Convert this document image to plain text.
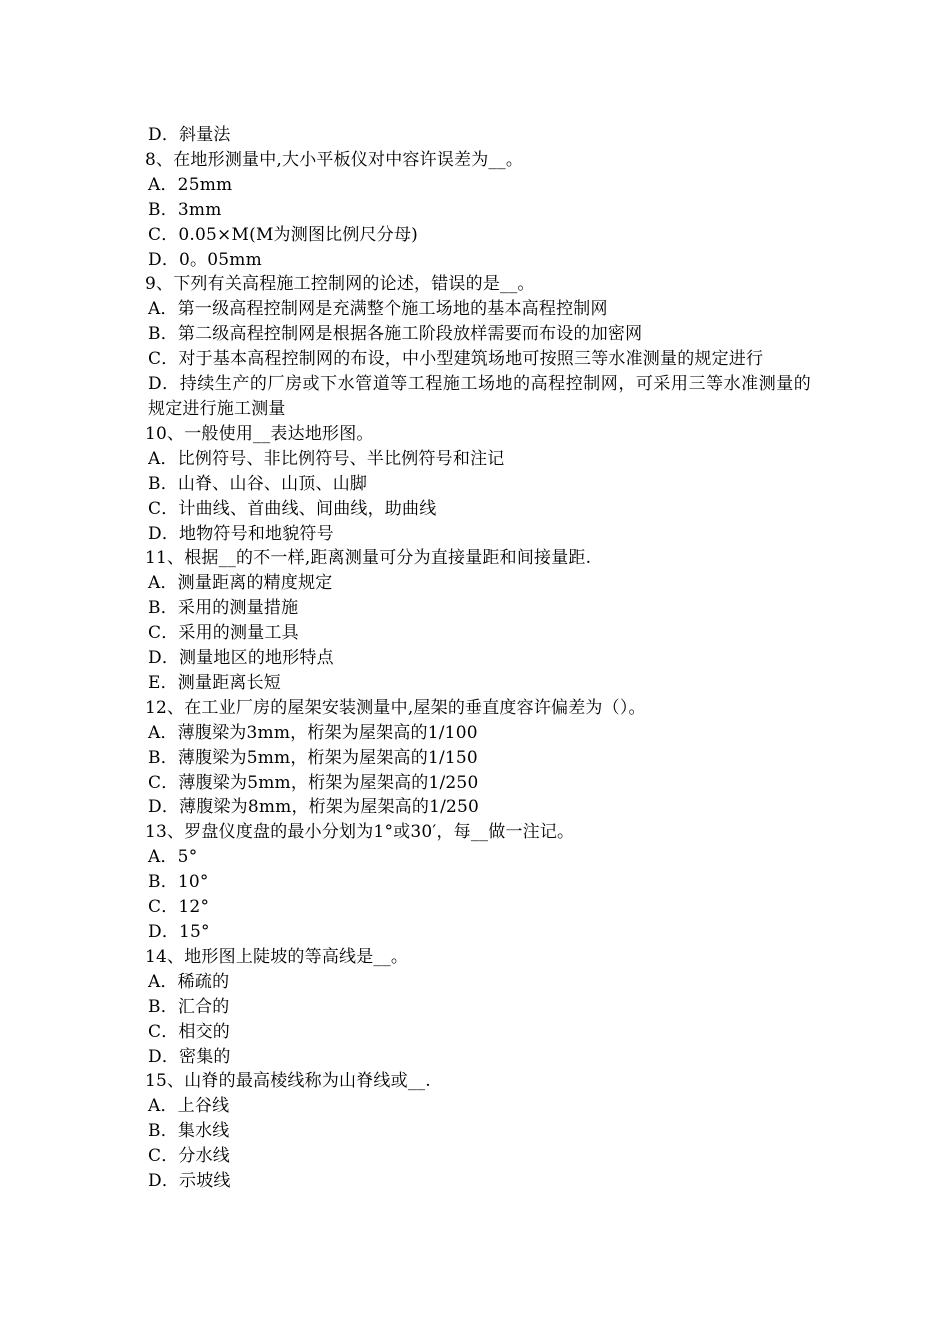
D．斜量法
8、在地形测量中,大小平板仪对中容许误差为__。
A．25mm
B．3mm
C．0.05×M(M为测图比例尺分母)
D．0。05mm
9、下列有关高程施工控制网的论述，错误的是__。
A．第一级高程控制网是充满整个施工场地的基本高程控制网
B．第二级高程控制网是根据各施工阶段放样需要而布设的加密网
C．对于基本高程控制网的布设，中小型建筑场地可按照三等水准测量的规定进行
D．持续生产的厂房或下水管道等工程施工场地的高程控制网，可采用三等水准测量的规定进行施工测量
10、一般使用__表达地形图。
A．比例符号、非比例符号、半比例符号和注记
B．山脊、山谷、山顶、山脚
C．计曲线、首曲线、间曲线，助曲线
D．地物符号和地貌符号
11、根据__的不一样,距离测量可分为直接量距和间接量距.
A．测量距离的精度规定
B．采用的测量措施
C．采用的测量工具
D．测量地区的地形特点
E．测量距离长短
12、在工业厂房的屋架安装测量中,屋架的垂直度容许偏差为（）。
A．薄腹梁为3mm，桁架为屋架高的1/100
B．薄腹梁为5mm，桁架为屋架高的1/150
C．薄腹梁为5mm，桁架为屋架高的1/250
D．薄腹梁为8mm，桁架为屋架高的1/250
13、罗盘仪度盘的最小分划为1°或30′，每__做一注记。
A．5°
B．10°
C．12°
D．15°
14、地形图上陡坡的等高线是__。
A．稀疏的
B．汇合的
C．相交的
D．密集的
15、山脊的最高棱线称为山脊线或__.
A．上谷线
B．集水线
C．分水线
D．示坡线
